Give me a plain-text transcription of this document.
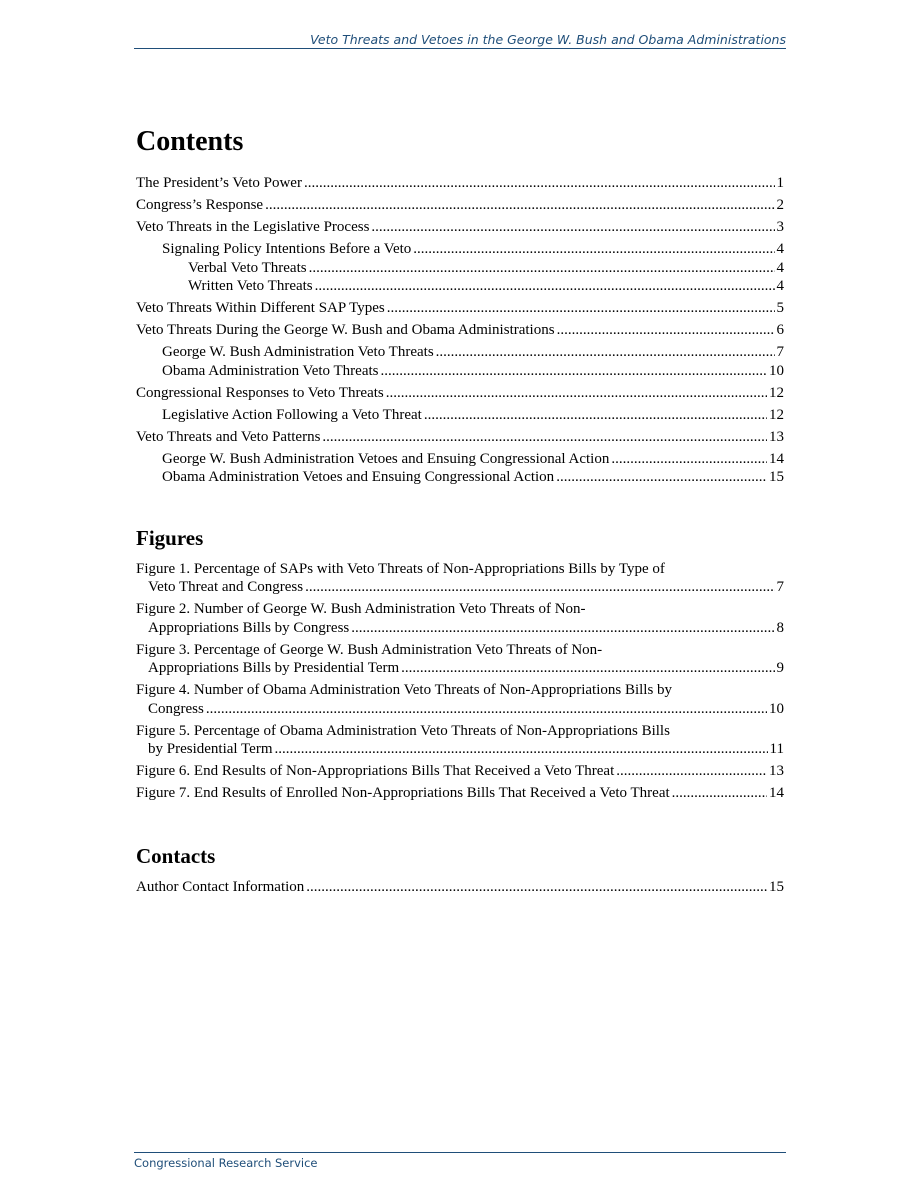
Veto Threats and Vetoes in the George W. Bush and Obama Administrations
Contents
The President’s Veto Power .....	1
Congress’s Response .....	2
Veto Threats in the Legislative Process .....	3
Signaling Policy Intentions Before a Veto .....	4
Verbal Veto Threats .....	4
Written Veto Threats .....	4
Veto Threats Within Different SAP Types .....	5
Veto Threats During the George W. Bush and Obama Administrations .....	6
George W. Bush Administration Veto Threats .....	7
Obama Administration Veto Threats .....	10
Congressional Responses to Veto Threats .....	12
Legislative Action Following a Veto Threat .....	12
Veto Threats and Veto Patterns .....	13
George W. Bush Administration Vetoes and Ensuing Congressional Action .....	14
Obama Administration Vetoes and Ensuing Congressional Action .....	15
Figures
Figure 1. Percentage of SAPs with Veto Threats of Non-Appropriations Bills by Type of
Veto Threat and Congress .....	7
Figure 2. Number of George W. Bush Administration Veto Threats of Non-
Appropriations Bills by Congress .....	8
Figure 3. Percentage of George W. Bush Administration Veto Threats of Non-
Appropriations Bills by Presidential Term .....	9
Figure 4. Number of Obama Administration Veto Threats of Non-Appropriations Bills by
Congress .....	10
Figure 5. Percentage of Obama Administration Veto Threats of Non-Appropriations Bills
by Presidential Term .....	11
Figure 6. End Results of Non-Appropriations Bills That Received a Veto Threat .....	13
Figure 7. End Results of Enrolled Non-Appropriations Bills That Received a Veto Threat .....	14
Contacts
Author Contact Information .....	15
Congressional Research Service
